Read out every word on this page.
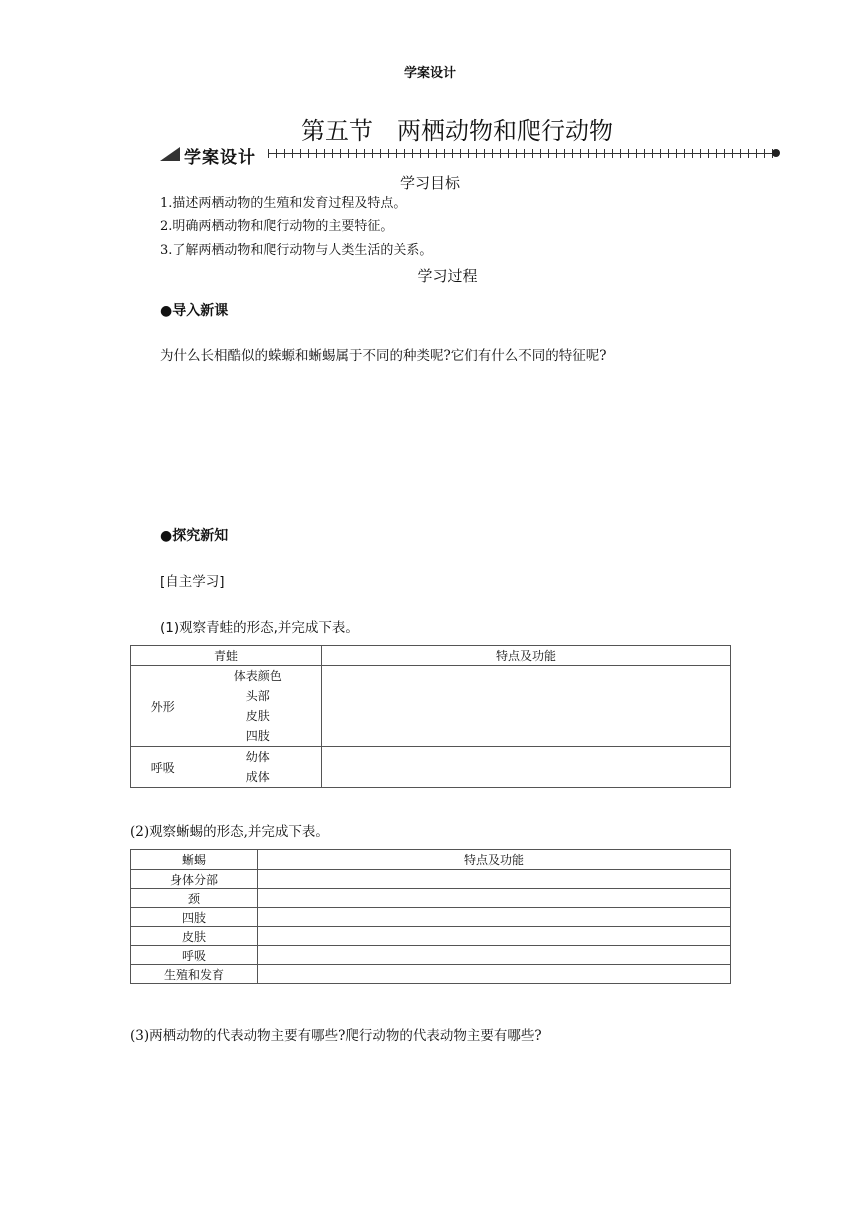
学案设计
第五节　两栖动物和爬行动物
学案设计
学习目标
1.描述两栖动物的生殖和发育过程及特点。
2.明确两栖动物和爬行动物的主要特征。
3.了解两栖动物和爬行动物与人类生活的关系。
学习过程
●导入新课
为什么长相酷似的蝾螈和蜥蜴属于不同的种类呢?它们有什么不同的特征呢?
●探究新知
[自主学习]
(1)观察青蛙的形态,并完成下表。
青蛙		特点及功能
外形	体表颜色
头部
皮肤
四肢	

呼吸	幼体
成体	

(2)观察蜥蜴的形态,并完成下表。
蜥蜴	特点及功能
身体分部	
颈	
四肢	
皮肤	
呼吸	
生殖和发育	
(3)两栖动物的代表动物主要有哪些?爬行动物的代表动物主要有哪些?
